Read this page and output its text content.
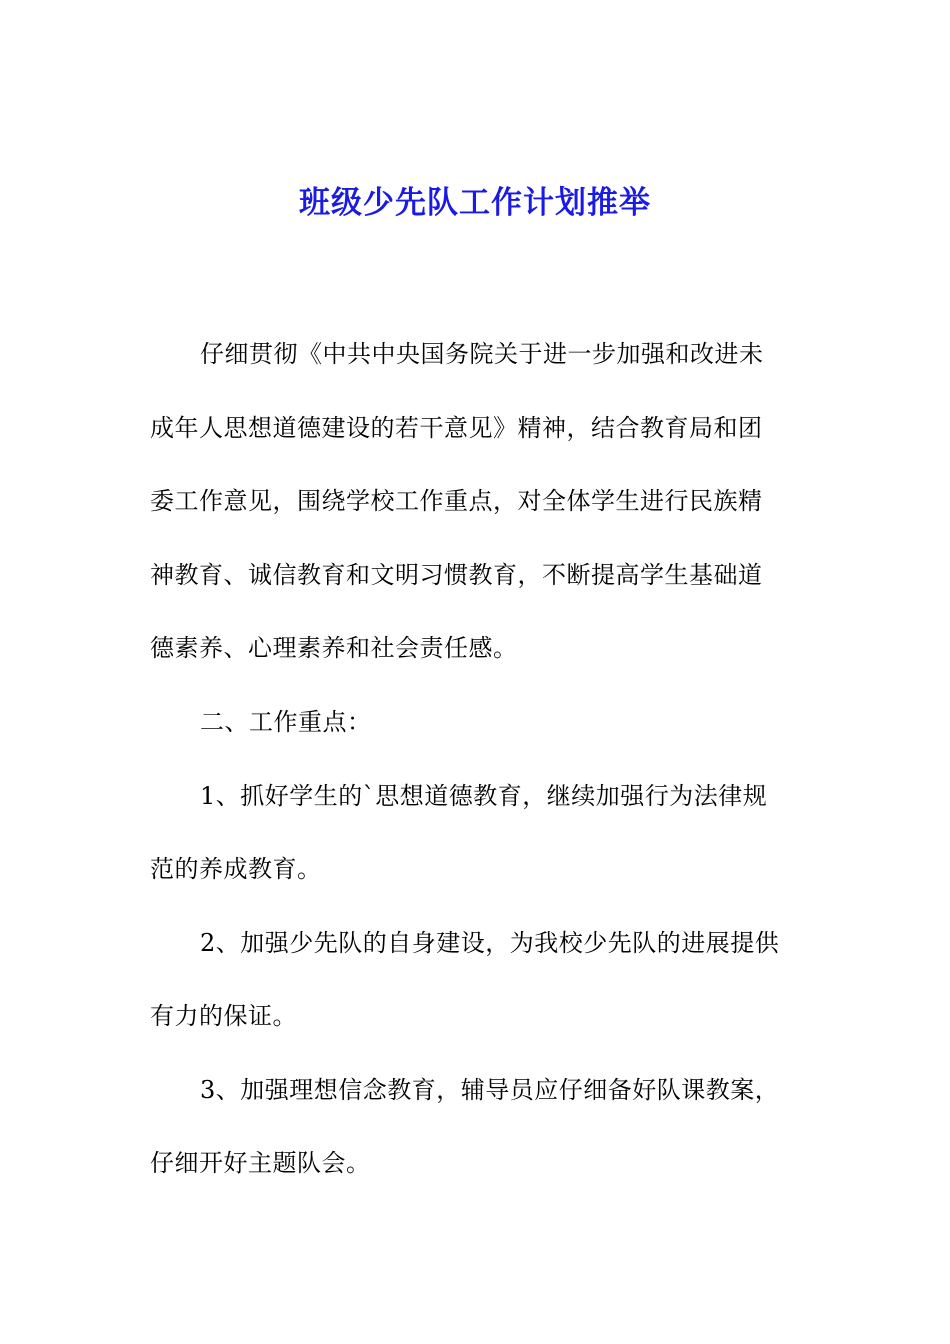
班级少先队工作计划推举
仔细贯彻《中共中央国务院关于进一步加强和改进未
成年人思想道德建设的若干意见》精神，结合教育局和团
委工作意见，围绕学校工作重点，对全体学生进行民族精
神教育、诚信教育和文明习惯教育，不断提高学生基础道
德素养、心理素养和社会责任感。
二、工作重点：
1、抓好学生的`思想道德教育，继续加强行为法律规
范的养成教育。
2、加强少先队的自身建设，为我校少先队的进展提供
有力的保证。
3、加强理想信念教育，辅导员应仔细备好队课教案，
仔细开好主题队会。
